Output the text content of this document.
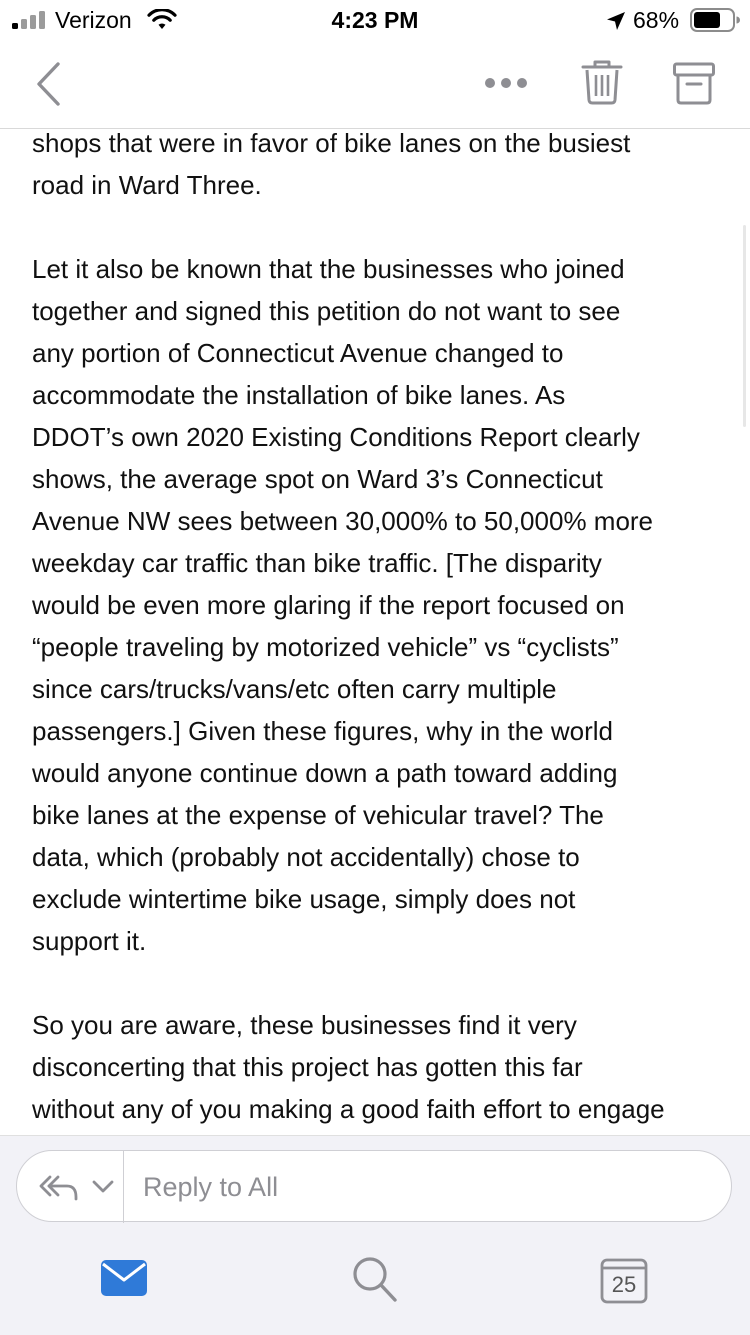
Verizon	4:23 PM	68%
shops that were in favor of bike lanes on the busiest
road in Ward Three.
Let it also be known that the businesses who joined
together and signed this petition do not want to see
any portion of Connecticut Avenue changed to
accommodate the installation of bike lanes. As
DDOT’s own 2020 Existing Conditions Report clearly
shows, the average spot on Ward 3’s Connecticut
Avenue NW sees between 30,000% to 50,000% more
weekday car traffic than bike traffic. [The disparity
would be even more glaring if the report focused on
“people traveling by motorized vehicle” vs “cyclists”
since cars/trucks/vans/etc often carry multiple
passengers.] Given these figures, why in the world
would anyone continue down a path toward adding
bike lanes at the expense of vehicular travel? The
data, which (probably not accidentally) chose to
exclude wintertime bike usage, simply does not
support it.
So you are aware, these businesses find it very
disconcerting that this project has gotten this far
without any of you making a good faith effort to engage
Reply to All
25
